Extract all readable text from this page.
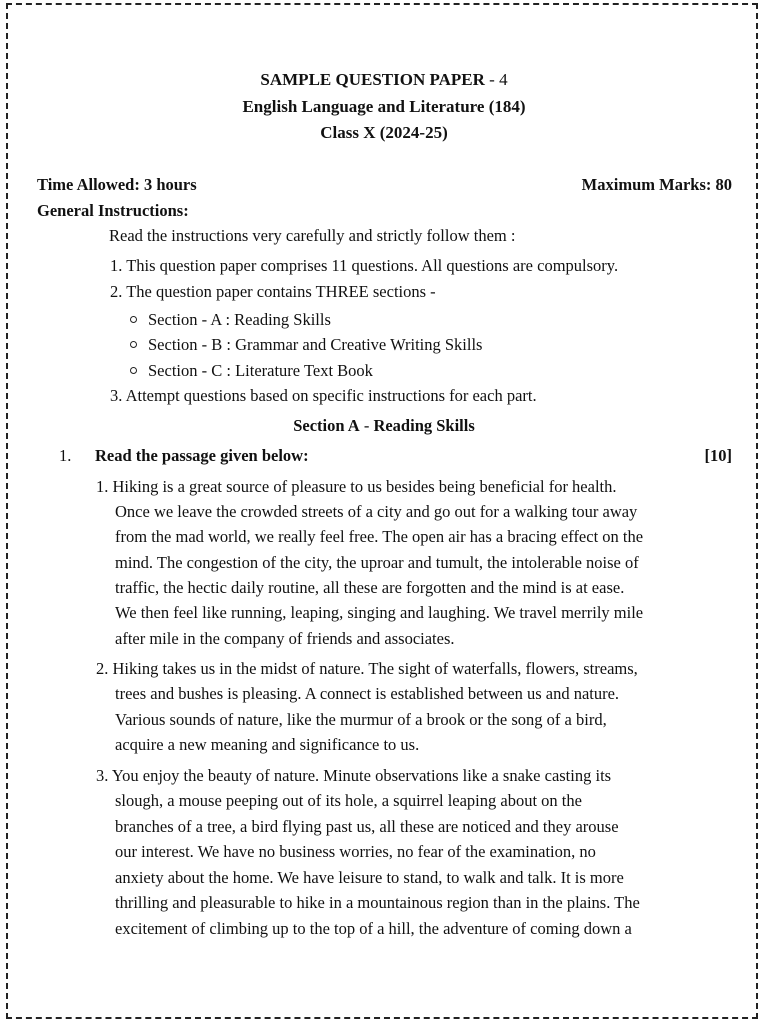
SAMPLE QUESTION PAPER - 4
English Language and Literature (184)
Class X (2024-25)
Time Allowed: 3 hours	Maximum Marks: 80
General Instructions:
Read the instructions very carefully and strictly follow them :
1. This question paper comprises 11 questions. All questions are compulsory.
2. The question paper contains THREE sections -
Section - A : Reading Skills
Section - B : Grammar and Creative Writing Skills
Section - C : Literature Text Book
3. Attempt questions based on specific instructions for each part.
Section A - Reading Skills
1. Read the passage given below:	[10]
1. Hiking is a great source of pleasure to us besides being beneficial for health.
Once we leave the crowded streets of a city and go out for a walking tour away
from the mad world, we really feel free. The open air has a bracing effect on the
mind. The congestion of the city, the uproar and tumult, the intolerable noise of
traffic, the hectic daily routine, all these are forgotten and the mind is at ease.
We then feel like running, leaping, singing and laughing. We travel merrily mile
after mile in the company of friends and associates.
2. Hiking takes us in the midst of nature. The sight of waterfalls, flowers, streams,
trees and bushes is pleasing. A connect is established between us and nature.
Various sounds of nature, like the murmur of a brook or the song of a bird,
acquire a new meaning and significance to us.
3. You enjoy the beauty of nature. Minute observations like a snake casting its
slough, a mouse peeping out of its hole, a squirrel leaping about on the
branches of a tree, a bird flying past us, all these are noticed and they arouse
our interest. We have no business worries, no fear of the examination, no
anxiety about the home. We have leisure to stand, to walk and talk. It is more
thrilling and pleasurable to hike in a mountainous region than in the plains. The
excitement of climbing up to the top of a hill, the adventure of coming down a
